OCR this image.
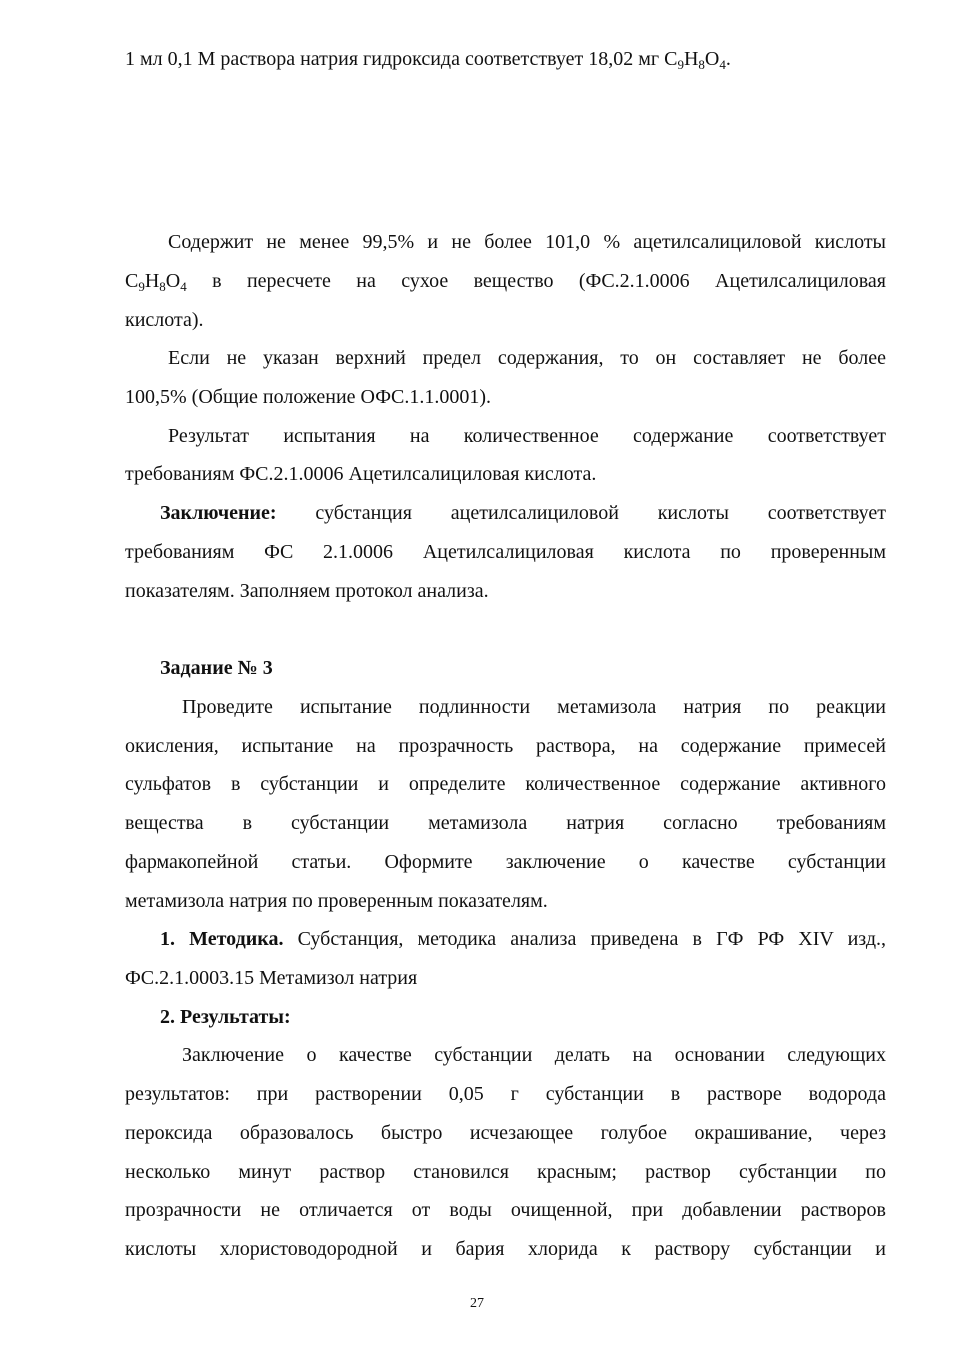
1 мл 0,1 М раствора натрия гидроксида соответствует 18,02 мг $C_9H_8O_4$.

Содержит не менее 99,5% и не более 101,0 % ацетилсалициловой кислоты

$C_9H_8O_4$ в пересчете на сухое вещество (ФС.2.1.0006 Ацетилсалициловая

кислота).

Если не указан верхний предел содержания, то он составляет не более

100,5% (Общие положение ОФС.1.1.0001).

Результат испытания на количественное содержание соответствует

требованиям ФС.2.1.0006 Ацетилсалициловая кислота.

Заключение: субстанция ацетилсалициловой кислоты соответствует

требованиям ФС 2.1.0006 Ацетилсалициловая кислота по проверенным

показателям. Заполняем протокол анализа.

Задание № 3

Проведите испытание подлинности метамизола натрия по реакции

окисления, испытание на прозрачность раствора, на содержание примесей

сульфатов в субстанции и определите количественное содержание активного

вещества в субстанции метамизола натрия согласно требованиям

фармакопейной статьи. Оформите заключение о качестве субстанции

метамизола натрия по проверенным показателям.

1. Методика. Субстанция, методика анализа приведена в ГФ РФ XIV изд.,

ФС.2.1.0003.15 Метамизол натрия

2. Результаты:

Заключение о качестве субстанции делать на основании следующих

результатов: при растворении 0,05 г субстанции в растворе водорода

пероксида образовалось быстро исчезающее голубое окрашивание, через

несколько минут раствор становился красным; раствор субстанции по

прозрачности не отличается от воды очищенной, при добавлении растворов

кислоты хлористоводородной и бария хлорида к раствору субстанции и

27
